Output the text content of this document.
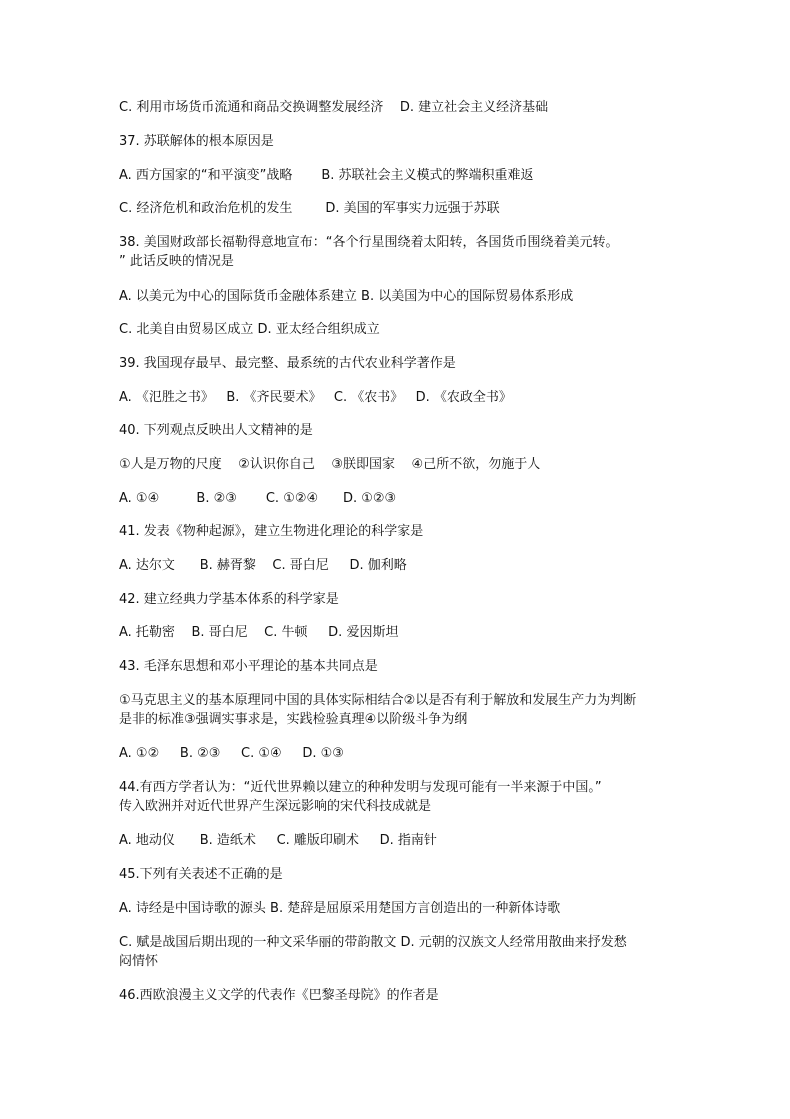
C. 利用市场货币流通和商品交换调整发展经济    D. 建立社会主义经济基础
37. 苏联解体的根本原因是
A. 西方国家的“和平演变”战略       B. 苏联社会主义模式的弊端积重难返
C. 经济危机和政治危机的发生        D. 美国的军事实力远强于苏联
38. 美国财政部长福勒得意地宣布：“各个行星围绕着太阳转，各国货币围绕着美元转。
” 此话反映的情况是
A. 以美元为中心的国际货币金融体系建立 B. 以美国为中心的国际贸易体系形成
C. 北美自由贸易区成立 D. 亚太经合组织成立
39. 我国现存最早、最完整、最系统的古代农业科学著作是
A. 《氾胜之书》   B. 《齐民要术》   C. 《农书》   D. 《农政全书》
40. 下列观点反映出人文精神的是
①人是万物的尺度    ②认识你自己    ③朕即国家    ④己所不欲，勿施于人
A. ①④         B. ②③       C. ①②④      D. ①②③
41. 发表《物种起源》，建立生物进化理论的科学家是
A. 达尔文      B. 赫胥黎    C. 哥白尼     D. 伽利略
42. 建立经典力学基本体系的科学家是
A. 托勒密    B. 哥白尼    C. 牛顿     D. 爱因斯坦
43. 毛泽东思想和邓小平理论的基本共同点是
①马克思主义的基本原理同中国的具体实际相结合②以是否有利于解放和发展生产力为判断
是非的标准③强调实事求是，实践检验真理④以阶级斗争为纲
A. ①②     B. ②③     C. ①④     D. ①③
44.有西方学者认为：“近代世界赖以建立的种种发明与发现可能有一半来源于中国。”
传入欧洲并对近代世界产生深远影响的宋代科技成就是
A. 地动仪      B. 造纸术     C. 雕版印刷术     D. 指南针
45.下列有关表述不正确的是
A. 诗经是中国诗歌的源头 B. 楚辞是屈原采用楚国方言创造出的一种新体诗歌
C. 赋是战国后期出现的一种文采华丽的带韵散文 D. 元朝的汉族文人经常用散曲来抒发愁
闷情怀
46.西欧浪漫主义文学的代表作《巴黎圣母院》的作者是
